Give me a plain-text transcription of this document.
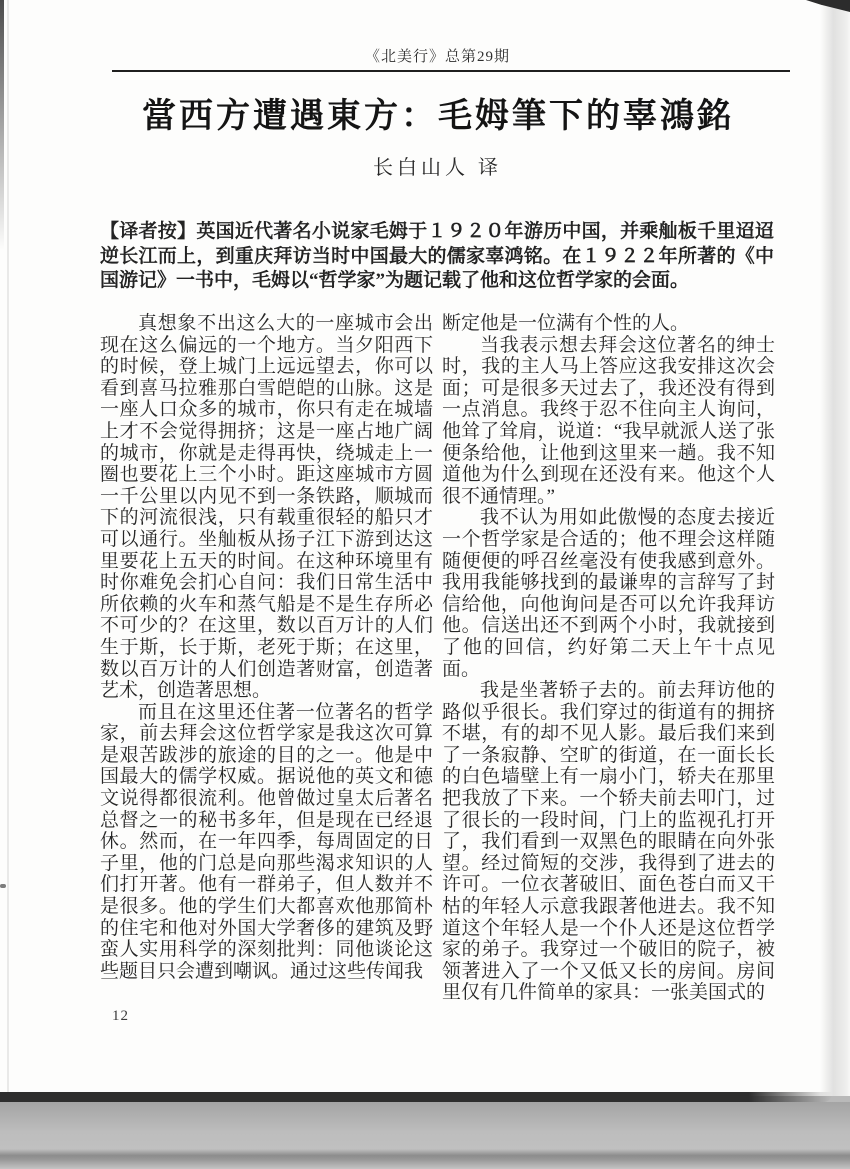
《北美行》总第29期
當西方遭遇東方：毛姆筆下的辜鴻銘
长白山人 译
【译者按】英国近代著名小说家毛姆于１９２０年游历中国，并乘舢板千里迢迢逆长江而上，到重庆拜访当时中国最大的儒家辜鸿铭。在１９２２年所著的《中国游记》一书中，毛姆以“哲学家”为题记载了他和这位哲学家的会面。

真想象不出这么大的一座城市会出现在这么偏远的一个地方。当夕阳西下的时候，登上城门上远远望去，你可以看到喜马拉雅那白雪皑皑的山脉。这是一座人口众多的城市，你只有走在城墙上才不会觉得拥挤；这是一座占地广阔的城市，你就是走得再快，绕城走上一圈也要花上三个小时。距这座城市方圆一千公里以内见不到一条铁路，顺城而下的河流很浅，只有载重很轻的船只才可以通行。坐舢板从扬子江下游到达这里要花上五天的时间。在这种环境里有时你难免会扪心自问：我们日常生活中所依赖的火车和蒸气船是不是生存所必不可少的？在这里，数以百万计的人们生于斯，长于斯，老死于斯；在这里，数以百万计的人们创造著财富，创造著艺术，创造著思想。

而且在这里还住著一位著名的哲学家，前去拜会这位哲学家是我这次可算是艰苦跋涉的旅途的目的之一。他是中国最大的儒学权威。据说他的英文和德文说得都很流利。他曾做过皇太后著名总督之一的秘书多年，但是现在已经退休。然而，在一年四季，每周固定的日子里，他的门总是向那些渴求知识的人们打开著。他有一群弟子，但人数并不是很多。他的学生们大都喜欢他那简朴的住宅和他对外国大学奢侈的建筑及野蛮人实用科学的深刻批判：同他谈论这些题目只会遭到嘲讽。通过这些传闻我

断定他是一位满有个性的人。

当我表示想去拜会这位著名的绅士时，我的主人马上答应这我安排这次会面；可是很多天过去了，我还没有得到一点消息。我终于忍不住向主人询问，他耸了耸肩，说道：“我早就派人送了张便条给他，让他到这里来一趟。我不知道他为什么到现在还没有来。他这个人很不通情理。”

我不认为用如此傲慢的态度去接近一个哲学家是合适的；他不理会这样随随便便的呼召丝毫没有使我感到意外。我用我能够找到的最谦卑的言辞写了封信给他，向他询问是否可以允许我拜访他。信送出还不到两个小时，我就接到了他的回信，约好第二天上午十点见面。

我是坐著轿子去的。前去拜访他的路似乎很长。我们穿过的街道有的拥挤不堪，有的却不见人影。最后我们来到了一条寂静、空旷的街道，在一面长长的白色墙壁上有一扇小门，轿夫在那里把我放了下来。一个轿夫前去叩门，过了很长的一段时间，门上的监视孔打开了，我们看到一双黑色的眼睛在向外张望。经过简短的交涉，我得到了进去的许可。一位衣著破旧、面色苍白而又干枯的年轻人示意我跟著他进去。我不知道这个年轻人是一个仆人还是这位哲学家的弟子。我穿过一个破旧的院子，被领著进入了一个又低又长的房间。房间里仅有几件简单的家具：一张美国式的

12
